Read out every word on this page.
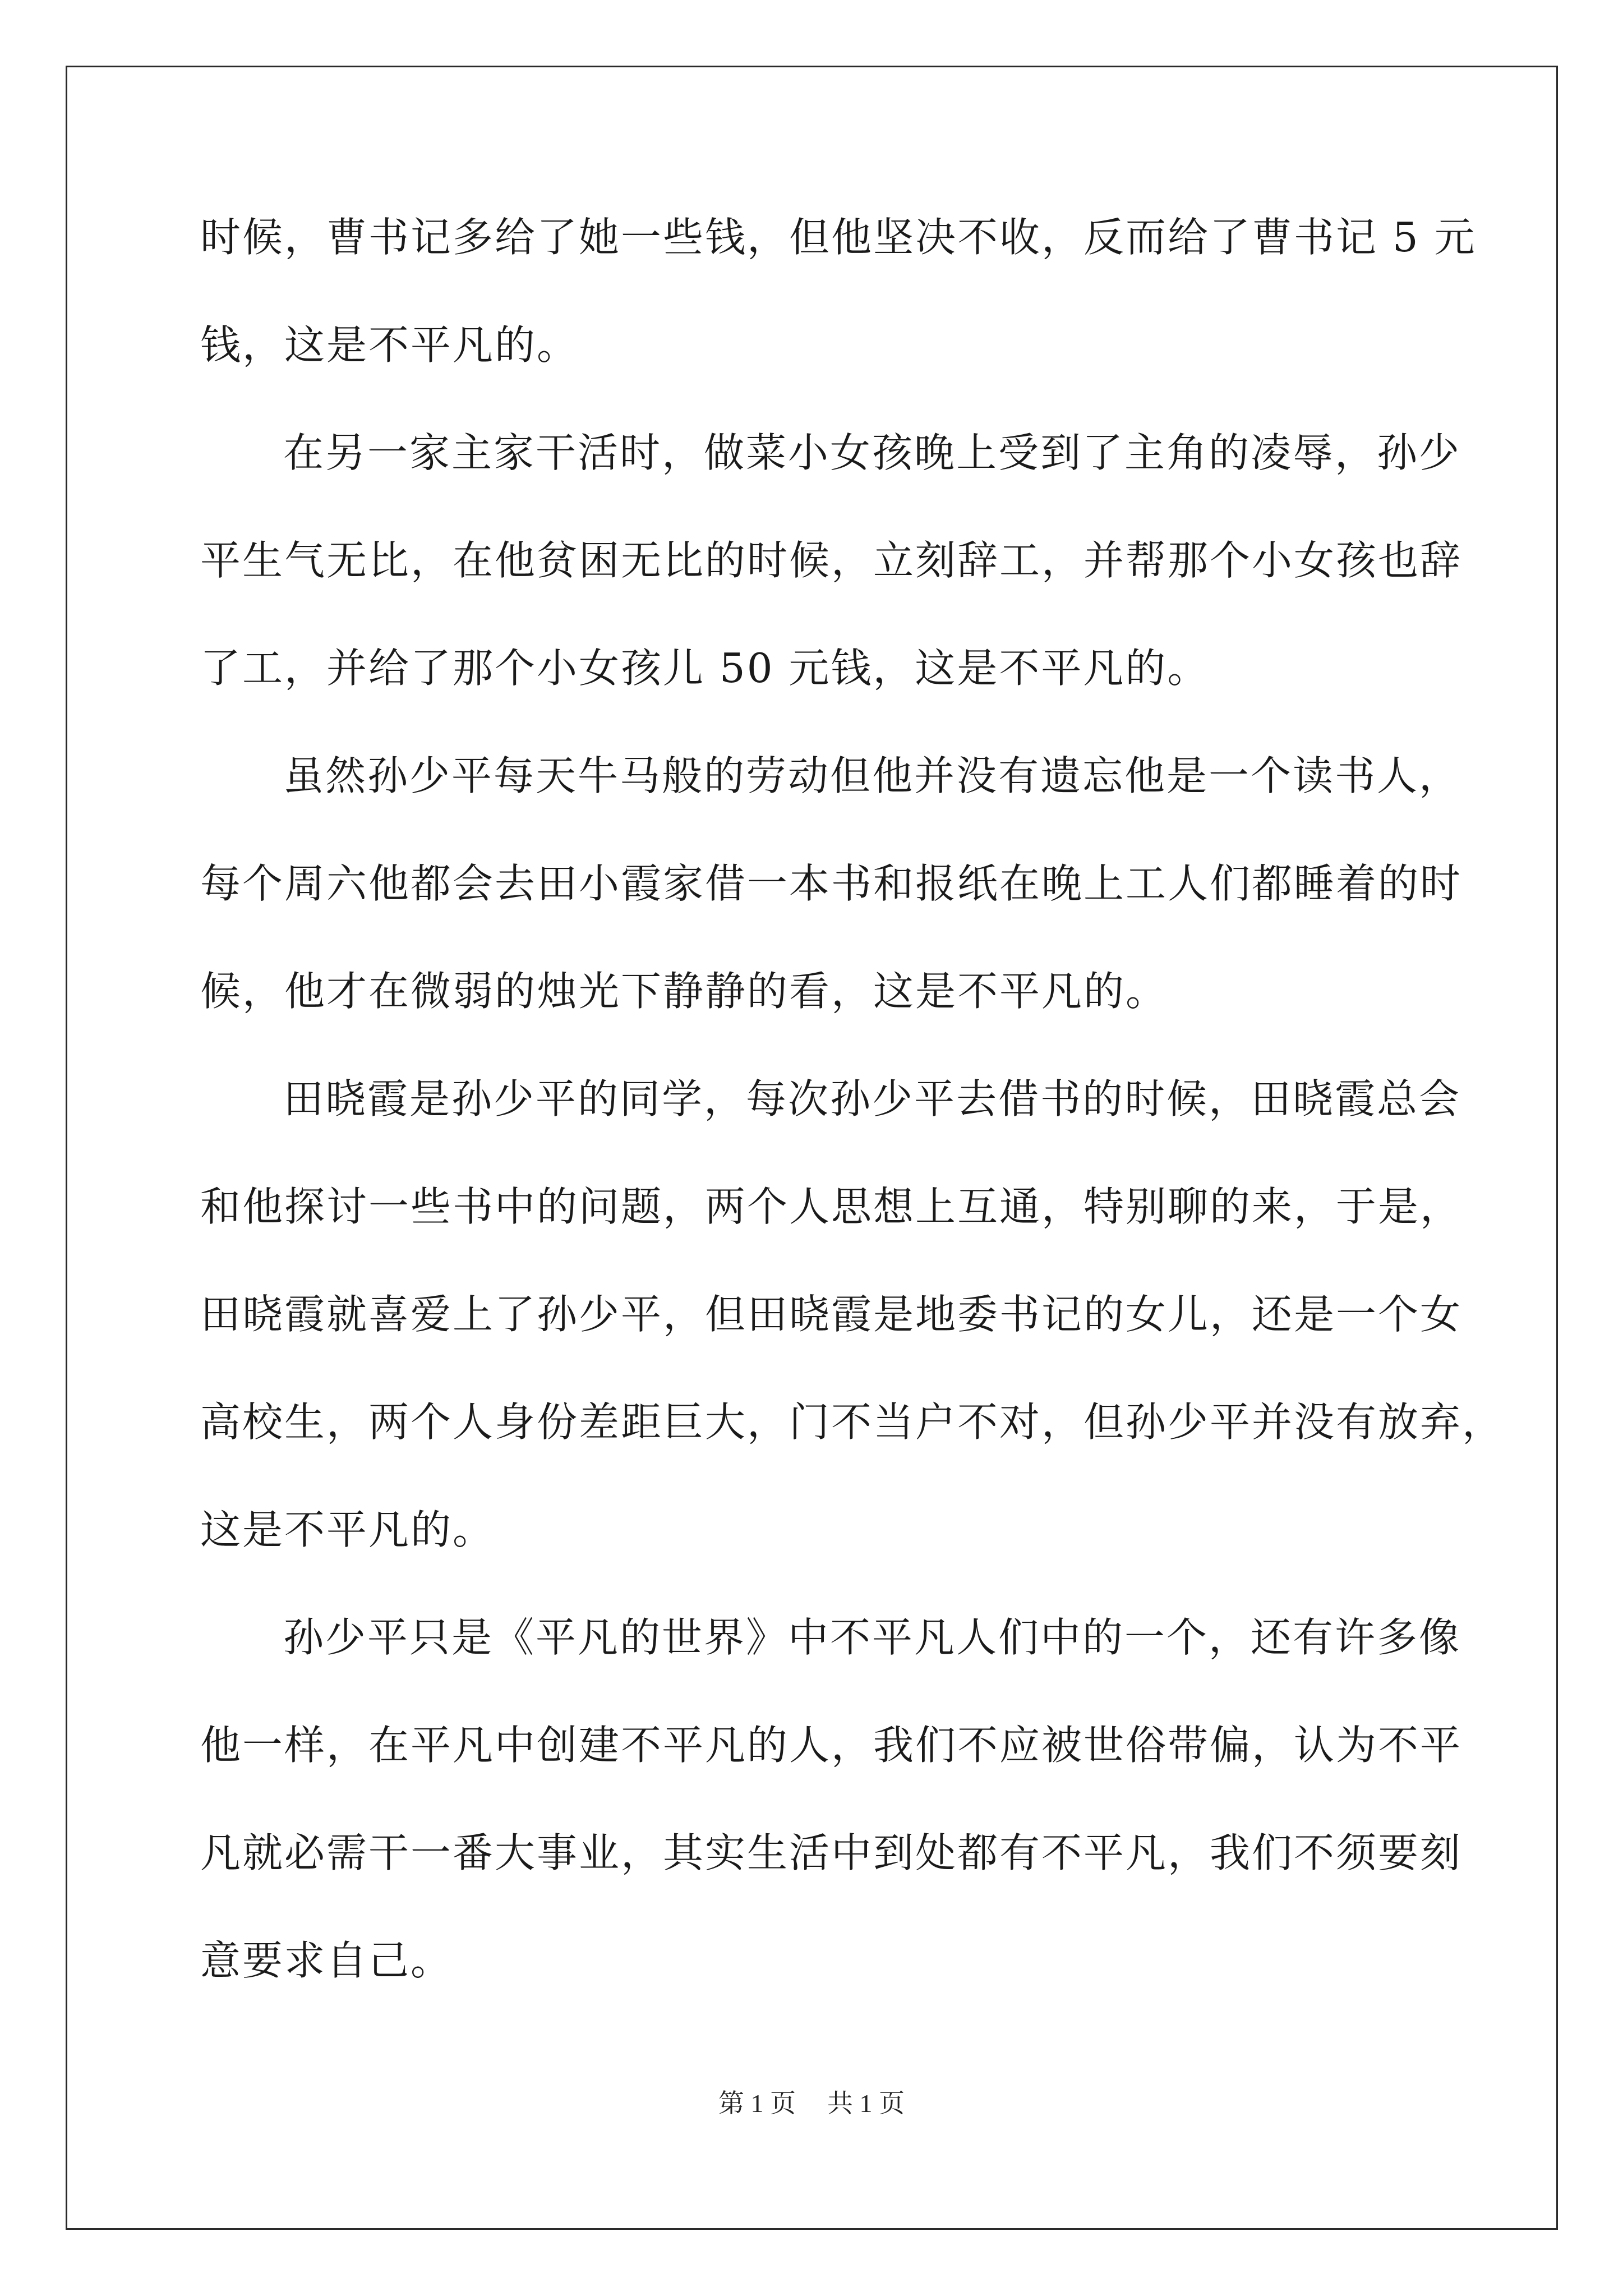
时候，曹书记多给了她一些钱，但他坚决不收，反而给了曹书记 5 元
钱，这是不平凡的。
在另一家主家干活时，做菜小女孩晚上受到了主角的凌辱，孙少
平生气无比，在他贫困无比的时候，立刻辞工，并帮那个小女孩也辞
了工，并给了那个小女孩儿 50 元钱，这是不平凡的。
虽然孙少平每天牛马般的劳动但他并没有遗忘他是一个读书人，
每个周六他都会去田小霞家借一本书和报纸在晚上工人们都睡着的时
候，他才在微弱的烛光下静静的看，这是不平凡的。
田晓霞是孙少平的同学，每次孙少平去借书的时候，田晓霞总会
和他探讨一些书中的问题，两个人思想上互通，特别聊的来，于是，
田晓霞就喜爱上了孙少平，但田晓霞是地委书记的女儿，还是一个女
高校生，两个人身份差距巨大，门不当户不对，但孙少平并没有放弃，
这是不平凡的。
孙少平只是《平凡的世界》中不平凡人们中的一个，还有许多像
他一样，在平凡中创建不平凡的人，我们不应被世俗带偏，认为不平
凡就必需干一番大事业，其实生活中到处都有不平凡，我们不须要刻
意要求自己。
第 1 页 共 1 页
